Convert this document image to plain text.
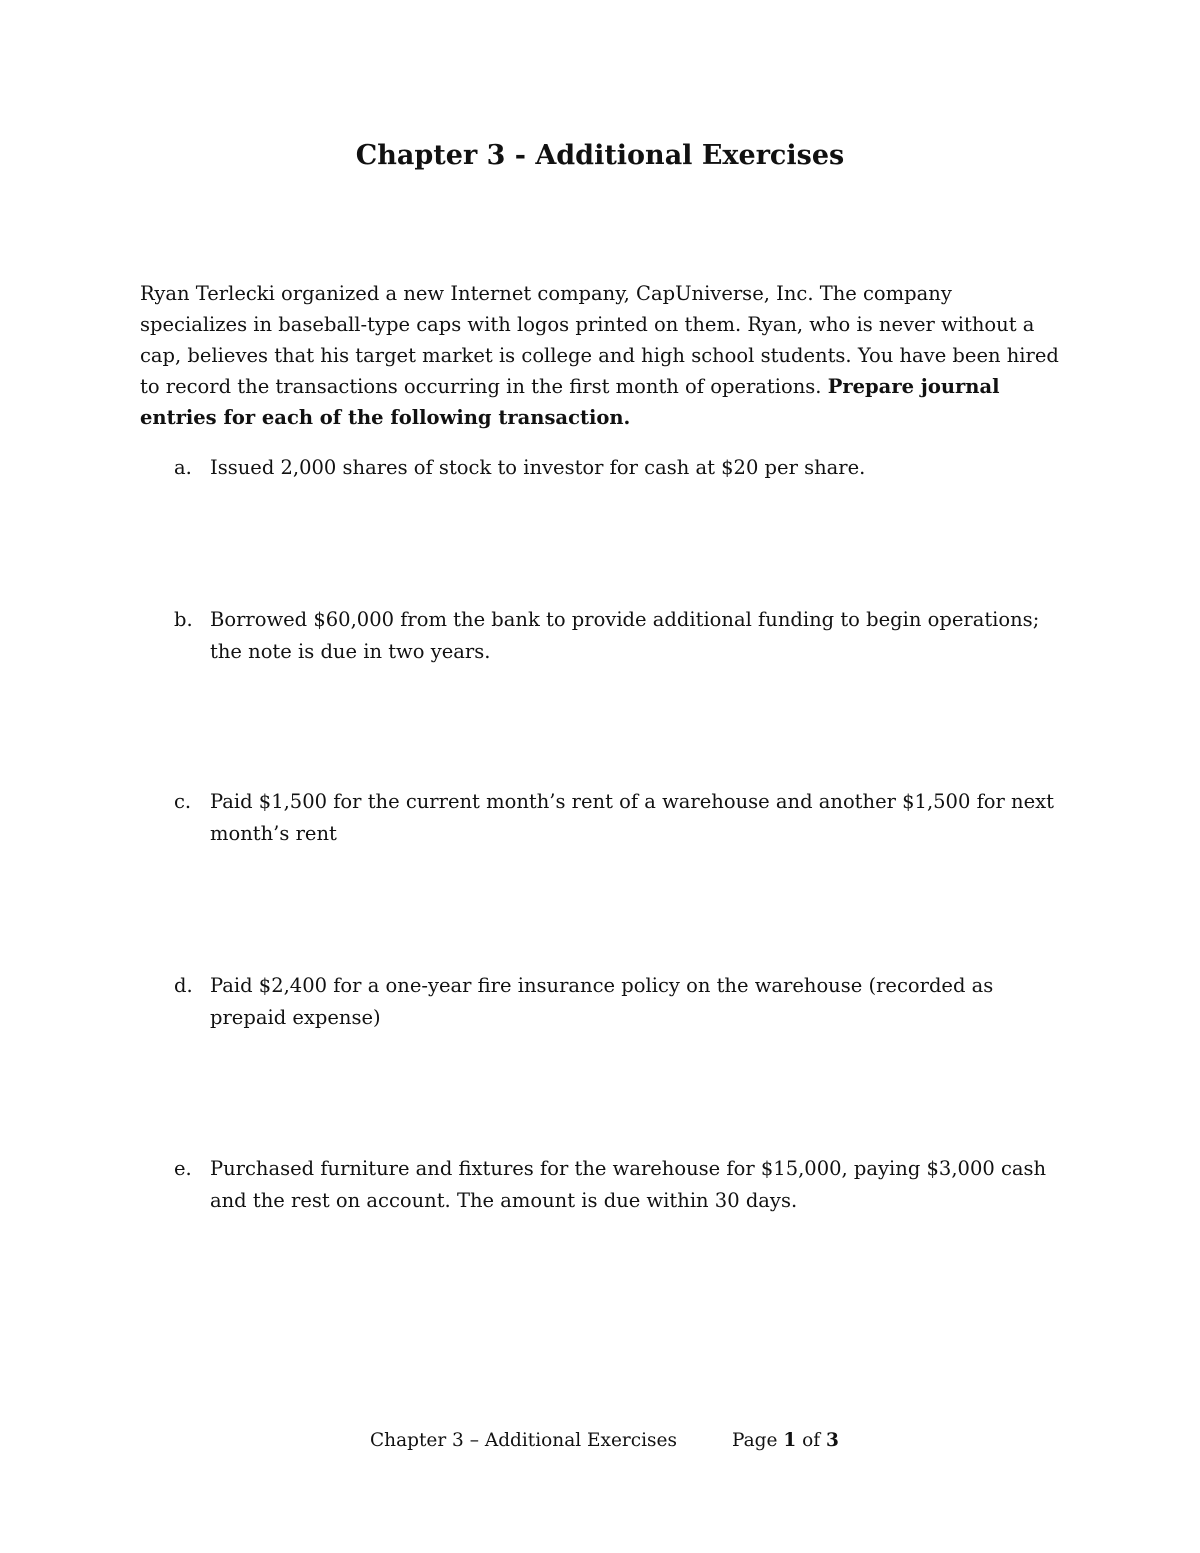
Chapter 3 - Additional Exercises

Ryan Terlecki organized a new Internet company, CapUniverse, Inc. The company specializes in baseball-type caps with logos printed on them. Ryan, who is never without a cap, believes that his target market is college and high school students. You have been hired to record the transactions occurring in the first month of operations. Prepare journal entries for each of the following transaction.

a. Issued 2,000 shares of stock to investor for cash at $20 per share.
b. Borrowed $60,000 from the bank to provide additional funding to begin operations; the note is due in two years.
c. Paid $1,500 for the current month’s rent of a warehouse and another $1,500 for next month’s rent
d. Paid $2,400 for a one-year fire insurance policy on the warehouse (recorded as prepaid expense)
e. Purchased furniture and fixtures for the warehouse for $15,000, paying $3,000 cash and the rest on account. The amount is due within 30 days.
Chapter 3 – Additional Exercises	Page 1 of 3
